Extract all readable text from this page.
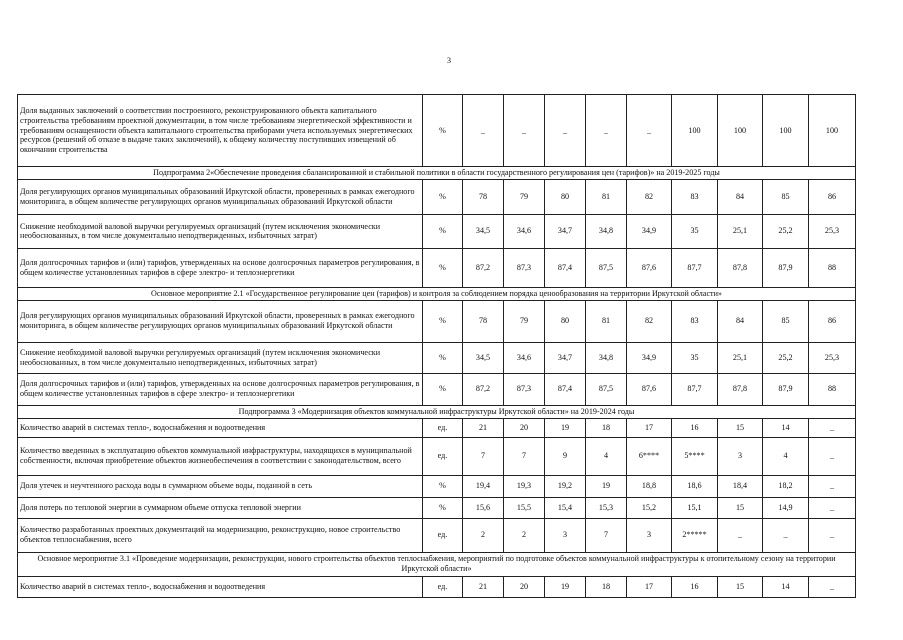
3
Доля выданных заключений о соответствии построенного, реконструированного объекта капитального строительства требованиям проектной документации, в том числе требованиям энергетической эффективности и требованиям оснащенности объекта капитального строительства приборами учета используемых энергетических ресурсов (решений об отказе в выдаче таких заключений), к общему количеству поступивших извещений об окончании строительства	%	_	_	_	_	_	100	100	100	100
Подпрограмма 2«Обеспечение проведения сбалансированной и стабильной политики в области государственного регулирования цен (тарифов)» на 2019-2025 годы										
Доля регулирующих органов муниципальных образований Иркутской области, проверенных в рамках ежегодного мониторинга, в общем количестве регулирующих органов муниципальных образований Иркутской области	%	78	79	80	81	82	83	84	85	86
Снижение необходимой валовой выручки регулируемых организаций (путем исключения экономически необоснованных, в том числе документально неподтвержденных, избыточных затрат)	%	34,5	34,6	34,7	34,8	34,9	35	25,1	25,2	25,3
Доля долгосрочных тарифов и (или) тарифов, утвержденных на основе долгосрочных параметров регулирования, в общем количестве установленных тарифов в сфере электро- и теплоэнергетики	%	87,2	87,3	87,4	87,5	87,6	87,7	87,8	87,9	88
Основное мероприятие 2.1 «Государственное регулирование цен (тарифов) и контроля за соблюдением порядка ценообразования на территории Иркутской области»										
Доля регулирующих органов муниципальных образований Иркутской области, проверенных в рамках ежегодного мониторинга, в общем количестве регулирующих органов муниципальных образований Иркутской области	%	78	79	80	81	82	83	84	85	86
Снижение необходимой валовой выручки регулируемых организаций (путем исключения экономически необоснованных, в том числе документально неподтвержденных, избыточных затрат)	%	34,5	34,6	34,7	34,8	34,9	35	25,1	25,2	25,3
Доля долгосрочных тарифов и (или) тарифов, утвержденных на основе долгосрочных параметров регулирования, в общем количестве установленных тарифов в сфере электро- и теплоэнергетики	%	87,2	87,3	87,4	87,5	87,6	87,7	87,8	87,9	88
Подпрограмма 3 «Модернизация объектов коммунальной инфраструктуры Иркутской области» на 2019-2024 годы										
Количество аварий в системах тепло-, водоснабжения и водоотведения	ед.	21	20	19	18	17	16	15	14	_
Количество введенных в эксплуатацию объектов коммунальной инфраструктуры, находящихся в муниципальной собственности, включая приобретение объектов жизнеобеспечения в соответствии с законодательством, всего	ед.	7	7	9	4	6****	5****	3	4	_
Доля утечек и неучтенного расхода воды в суммарном объеме воды, поданной в сеть	%	19,4	19,3	19,2	19	18,8	18,6	18,4	18,2	_
Доля потерь по тепловой энергии в суммарном объеме отпуска тепловой энергии	%	15,6	15,5	15,4	15,3	15,2	15,1	15	14,9	_
Количество разработанных проектных документаций на модернизацию, реконструкцию, новое строительство объектов теплоснабжения, всего	ед.	2	2	3	7	3	2*****	_	_	_
Основное мероприятие 3.1 «Проведение модернизации, реконструкции, нового строительства объектов теплоснабжения, мероприятий по подготовке объектов коммунальной инфраструктуры к отопительному сезону на территории Иркутской области»										
Количество аварий в системах тепло-, водоснабжения и водоотведения	ед.	21	20	19	18	17	16	15	14	_
